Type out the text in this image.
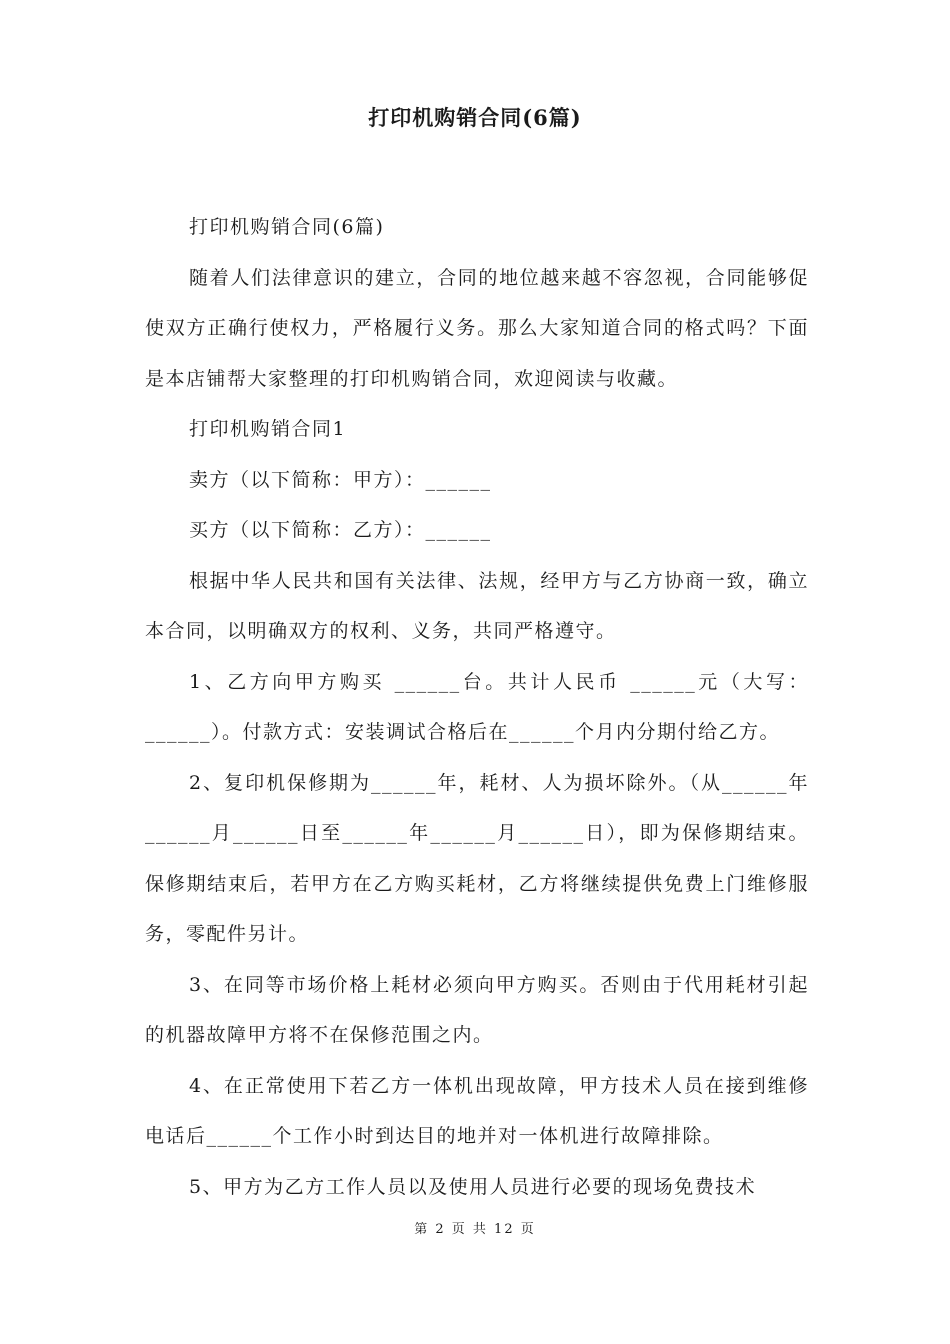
打印机购销合同(6篇)

打印机购销合同(6篇)

随着人们法律意识的建立，合同的地位越来越不容忽视，合同能够促使双方正确行使权力，严格履行义务。那么大家知道合同的格式吗？下面是本店铺帮大家整理的打印机购销合同，欢迎阅读与收藏。

打印机购销合同1

卖方（以下简称：甲方）：______

买方（以下简称：乙方）：______

根据中华人民共和国有关法律、法规，经甲方与乙方协商一致，确立本合同，以明确双方的权利、义务，共同严格遵守。

1、乙方向甲方购买 ______台。共计人民币 ______元（大写：______）。付款方式：安装调试合格后在______个月内分期付给乙方。

2、复印机保修期为______年，耗材、人为损坏除外。（从______年______月______日至______年______月______日），即为保修期结束。保修期结束后，若甲方在乙方购买耗材，乙方将继续提供免费上门维修服务，零配件另计。

3、在同等市场价格上耗材必须向甲方购买。否则由于代用耗材引起的机器故障甲方将不在保修范围之内。

4、在正常使用下若乙方一体机出现故障，甲方技术人员在接到维修电话后______个工作小时到达目的地并对一体机进行故障排除。

5、甲方为乙方工作人员以及使用人员进行必要的现场免费技术

第 2 页 共 12 页
